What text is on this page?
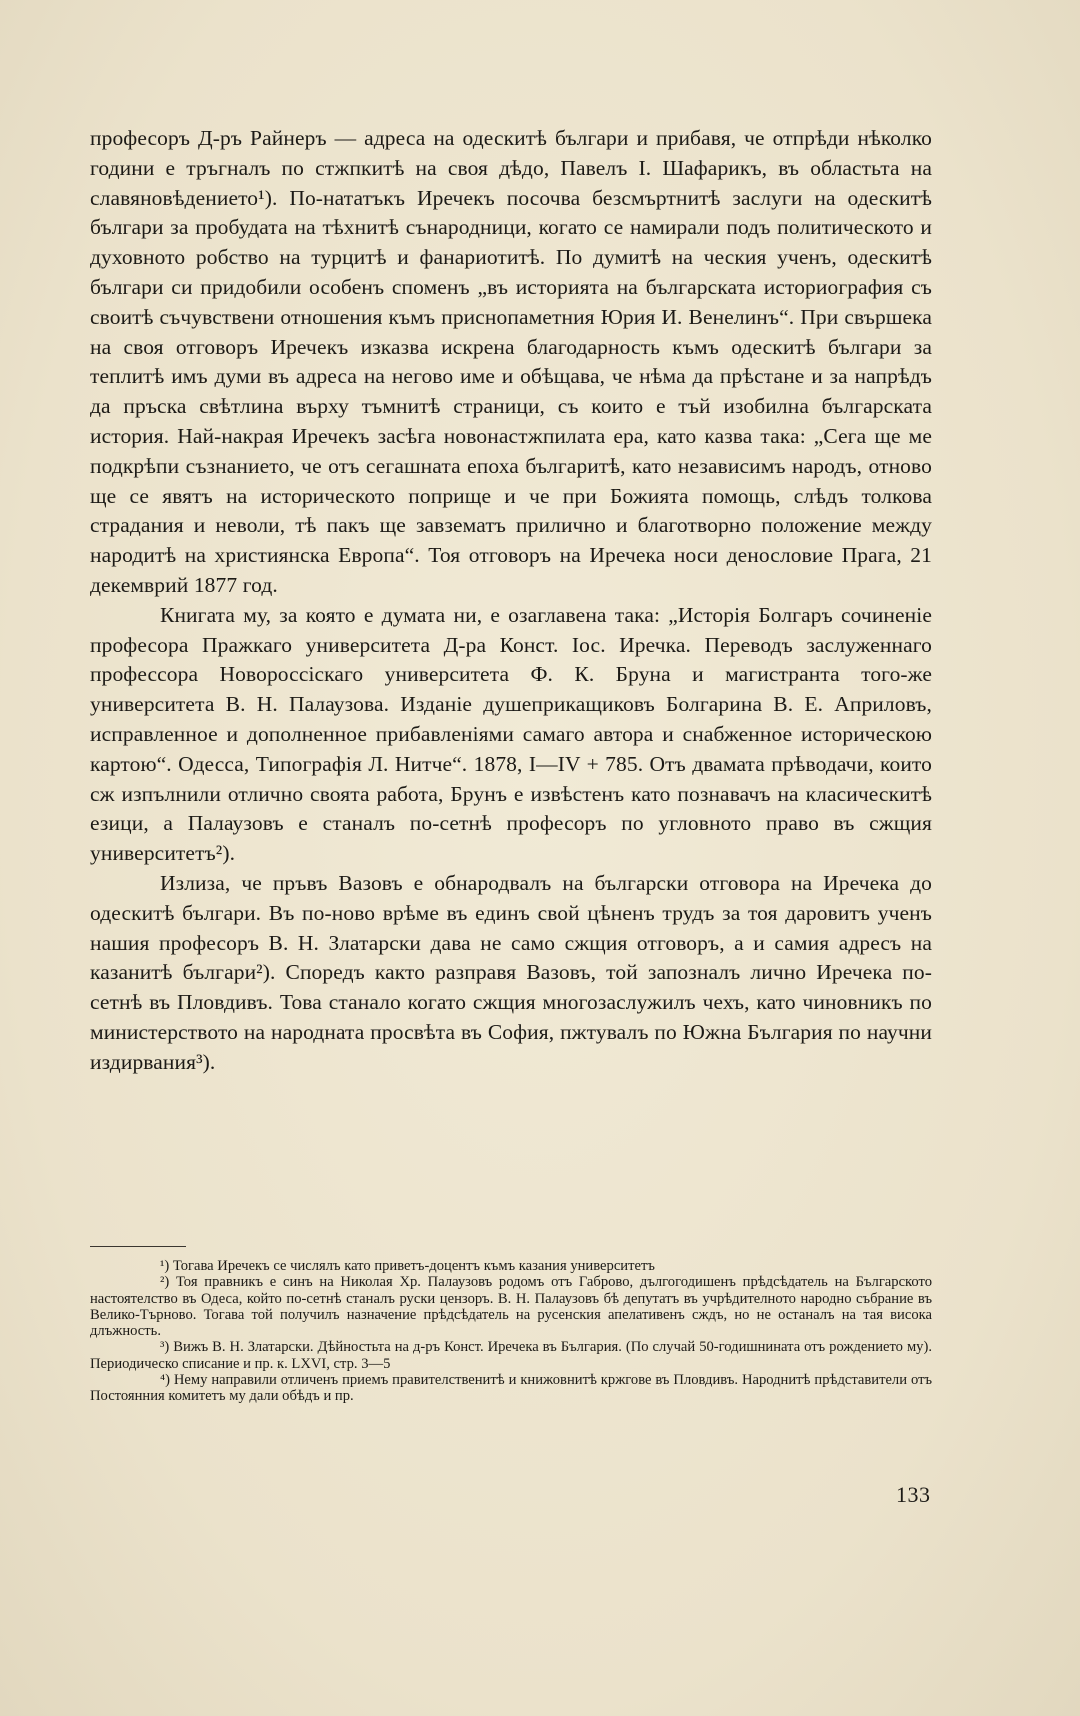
професоръ Д-ръ Райнеръ — адреса на одескитѣ българи и прибавя, че отпрѣди нѣколко години е тръгналъ по стжпкитѣ на своя дѣдо, Павелъ I. Шафарикъ, въ областьта на славяновѣдението¹). По-нататъкъ Иречекъ посочва безсмъртнитѣ заслуги на одескитѣ българи за пробудата на тѣхнитѣ сънародници, когато се намирали подъ политическото и духовното робство на турцитѣ и фанариотитѣ. По думитѣ на ческия ученъ, одескитѣ българи си придобили особенъ споменъ „въ историята на българската историография съ своитѣ съчувствени отношения къмъ приснопаметния Юрия И. Венелинъ“. При свършека на своя отговоръ Иречекъ изказва искрена благодарность къмъ одескитѣ българи за теплитѣ имъ думи въ адреса на негово име и обѣщава, че нѣма да прѣстане и за напрѣдъ да пръска свѣтлина върху тъмнитѣ страници, съ които е тъй изобилна българската история. Най-накрая Иречекъ засѣга новонастжпилата ера, като казва така: „Сега ще ме подкрѣпи съзнанието, че отъ сегашната епоха българитѣ, като независимъ народъ, отново ще се явятъ на историческото поприще и че при Божията помощь, слѣдъ толкова страдания и неволи, тѣ пакъ ще завзематъ прилично и благотворно положение между народитѣ на християнска Европа“. Тоя отговоръ на Иречека носи денословие Прага, 21 декемврий 1877 год.

Книгата му, за която е думата ни, е озаглавена така: „Исторія Болгаръ сочиненіе професора Пражкаго университета Д-ра Конст. Іос. Иречка. Переводъ заслуженнаго профессора Новороссіскаго университета Ф. К. Бруна и магистранта того-же университета В. Н. Палаузова. Изданіе душеприкащиковъ Болгарина В. Е. Априловъ, исправленное и дополненное прибавленіями самаго автора и снабженное историческою картою“. Одесса, Типографія Л. Нитче“. 1878, I—IV + 785. Отъ двамата прѣводачи, които сж изпълнили отлично своята работа, Брунъ е извѣстенъ като познавачъ на класическитѣ езици, а Палаузовъ е станалъ по-сетнѣ професоръ по угловното право въ сжщия университетъ²).

Излиза, че пръвъ Вазовъ е обнародвалъ на български отговора на Иречека до одескитѣ българи. Въ по-ново врѣме въ единъ свой цѣненъ трудъ за тоя даровитъ ученъ нашия професоръ В. Н. Златарски дава не само сжщия отговоръ, а и самия адресъ на казанитѣ българи²). Споредъ както разправя Вазовъ, той запозналъ лично Иречека по-сетнѣ въ Пловдивъ. Това станало когато сжщия многозаслужилъ чехъ, като чиновникъ по министерството на народната просвѣта въ София, пжтувалъ по Южна България по научни издирвания³).

¹) Тогава Иречекъ се числялъ като приветъ-доцентъ къмъ казания университетъ

²) Тоя правникъ е синъ на Николая Хр. Палаузовъ родомъ отъ Габрово, дългогодишенъ прѣдсѣдатель на Българското настоятелство въ Одеса, който по-сетнѣ станалъ руски цензоръ. В. Н. Палаузовъ бѣ депутатъ въ учрѣдителното народно събрание въ Велико-Търново. Тогава той получилъ назначение прѣдсѣдатель на русенския апелативенъ сждъ, но не останалъ на тая висока длъжность.

³) Вижъ В. Н. Златарски. Дѣйностьта на д-ръ Конст. Иречека въ България. (По случай 50-годишнината отъ рождението му). Периодическо списание и пр. к. LXVI, стр. 3—5

⁴) Нему направили отличенъ приемъ правителственитѣ и книжовнитѣ кржгове въ Пловдивъ. Народнитѣ прѣдставители отъ Постоянния комитетъ му дали обѣдъ и пр.

133
